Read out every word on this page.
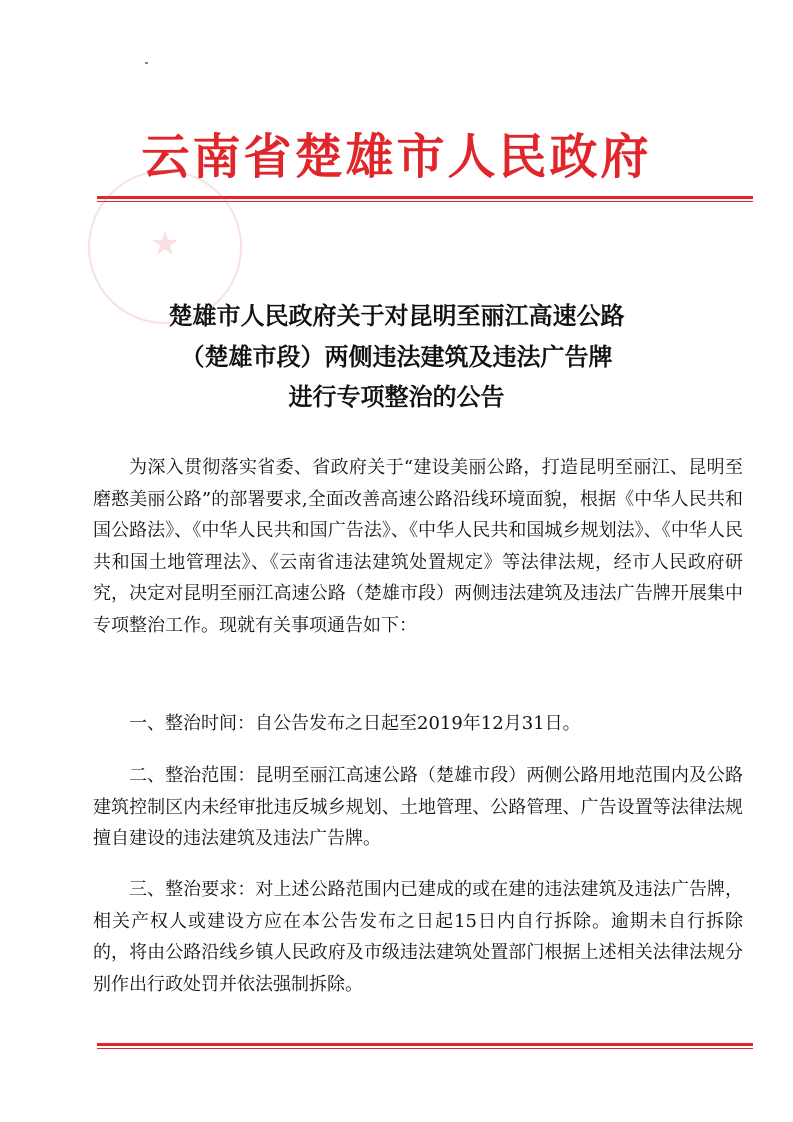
云南省楚雄市人民政府
★
楚雄市人民政府关于对昆明至丽江高速公路
（楚雄市段）两侧违法建筑及违法广告牌
进行专项整治的公告
为深入贯彻落实省委、省政府关于“建设美丽公路，打造昆明至丽江、昆明至磨憨美丽公路”的部署要求,全面改善高速公路沿线环境面貌，根据《中华人民共和国公路法》、《中华人民共和国广告法》、《中华人民共和国城乡规划法》、《中华人民共和国土地管理法》、《云南省违法建筑处置规定》等法律法规，经市人民政府研究，决定对昆明至丽江高速公路（楚雄市段）两侧违法建筑及违法广告牌开展集中专项整治工作。现就有关事项通告如下：
一、整治时间：自公告发布之日起至2019年12月31日。
二、整治范围：昆明至丽江高速公路（楚雄市段）两侧公路用地范围内及公路建筑控制区内未经审批违反城乡规划、土地管理、公路管理、广告设置等法律法规擅自建设的违法建筑及违法广告牌。
三、整治要求：对上述公路范围内已建成的或在建的违法建筑及违法广告牌，相关产权人或建设方应在本公告发布之日起15日内自行拆除。逾期未自行拆除的，将由公路沿线乡镇人民政府及市级违法建筑处置部门根据上述相关法律法规分别作出行政处罚并依法强制拆除。
